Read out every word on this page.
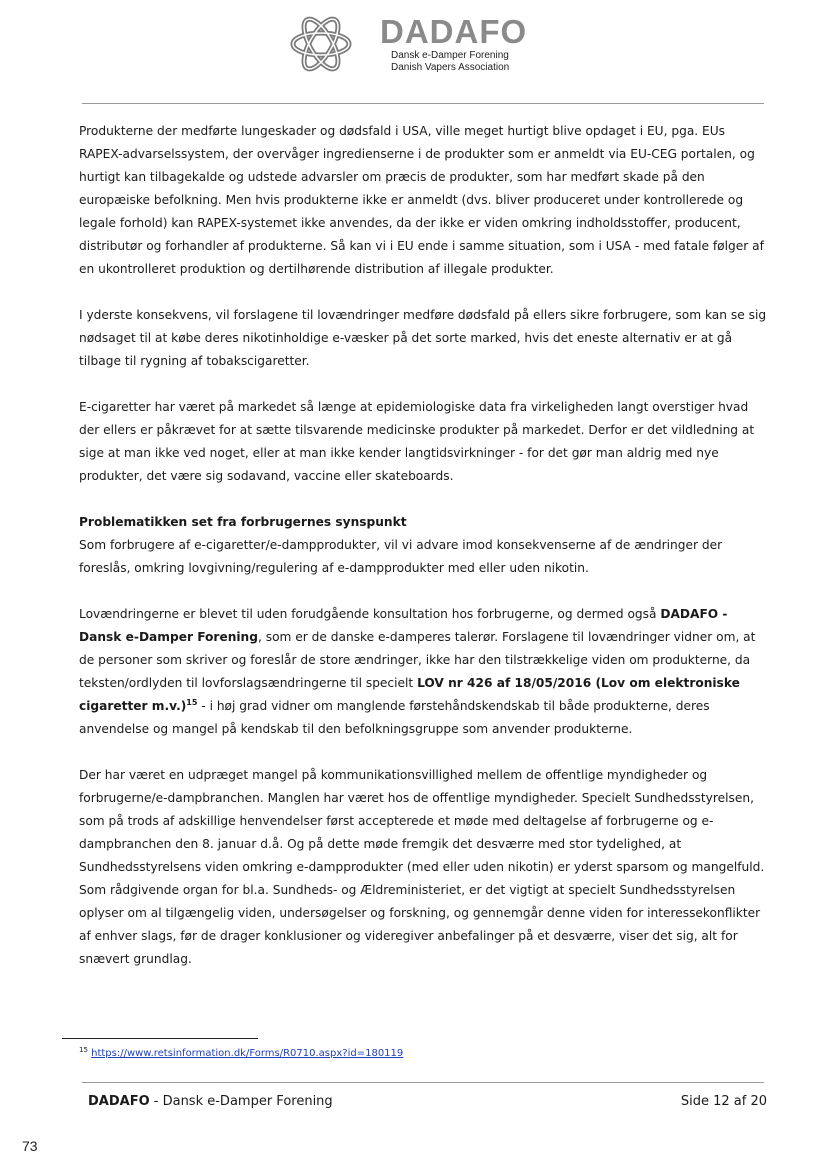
DADAFO
Dansk e-Damper Forening
Danish Vapers Association

Produkterne der medførte lungeskader og dødsfald i USA, ville meget hurtigt blive opdaget i EU, pga. EUs RAPEX-advarselssystem, der overvåger ingredienserne i de produkter som er anmeldt via EU-CEG portalen, og hurtigt kan tilbagekalde og udstede advarsler om præcis de produkter, som har medført skade på den europæiske befolkning. Men hvis produkterne ikke er anmeldt (dvs. bliver produceret under kontrollerede og legale forhold) kan RAPEX-systemet ikke anvendes, da der ikke er viden omkring indholdsstoffer, producent, distributør og forhandler af produkterne. Så kan vi i EU ende i samme situation, som i USA - med fatale følger af en ukontrolleret produktion og dertilhørende distribution af illegale produkter.

I yderste konsekvens, vil forslagene til lovændringer medføre dødsfald på ellers sikre forbrugere, som kan se sig nødsaget til at købe deres nikotinholdige e-væsker på det sorte marked, hvis det eneste alternativ er at gå tilbage til rygning af tobakscigaretter.

E-cigaretter har været på markedet så længe at epidemiologiske data fra virkeligheden langt overstiger hvad der ellers er påkrævet for at sætte tilsvarende medicinske produkter på markedet. Derfor er det vildledning at sige at man ikke ved noget, eller at man ikke kender langtidsvirkninger - for det gør man aldrig med nye produkter, det være sig sodavand, vaccine eller skateboards.

Problematikken set fra forbrugernes synspunkt

Som forbrugere af e-cigaretter/e-dampprodukter, vil vi advare imod konsekvenserne af de ændringer der foreslås, omkring lovgivning/regulering af e-dampprodukter med eller uden nikotin.

Lovændringerne er blevet til uden forudgående konsultation hos forbrugerne, og dermed også DADAFO - Dansk e-Damper Forening, som er de danske e-damperes talerør. Forslagene til lovændringer vidner om, at de personer som skriver og foreslår de store ændringer, ikke har den tilstrækkelige viden om produkterne, da teksten/ordlyden til lovforslagsændringerne til specielt LOV nr 426 af 18/05/2016 (Lov om elektroniske cigaretter m.v.)$^{15}$ - i høj grad vidner om manglende førstehåndskendskab til både produkterne, deres anvendelse og mangel på kendskab til den befolkningsgruppe som anvender produkterne.

Der har været en udpræget mangel på kommunikationsvillighed mellem de offentlige myndigheder og forbrugerne/e-dampbranchen. Manglen har været hos de offentlige myndigheder. Specielt Sundhedsstyrelsen, som på trods af adskillige henvendelser først accepterede et møde med deltagelse af forbrugerne og e-dampbranchen den 8. januar d.å. Og på dette møde fremgik det desværre med stor tydelighed, at Sundhedsstyrelsens viden omkring e-dampprodukter (med eller uden nikotin) er yderst sparsom og mangelfuld. Som rådgivende organ for bl.a. Sundheds- og Ældreministeriet, er det vigtigt at specielt Sundhedsstyrelsen oplyser om al tilgængelig viden, undersøgelser og forskning, og gennemgår denne viden for interessekonflikter af enhver slags, før de drager konklusioner og videregiver anbefalinger på et desværre, viser det sig, alt for snævert grundlag.

$^{15}$ https://www.retsinformation.dk/Forms/R0710.aspx?id=180119
DADAFO - Dansk e-Damper Forening	Side 12 af 20
73
